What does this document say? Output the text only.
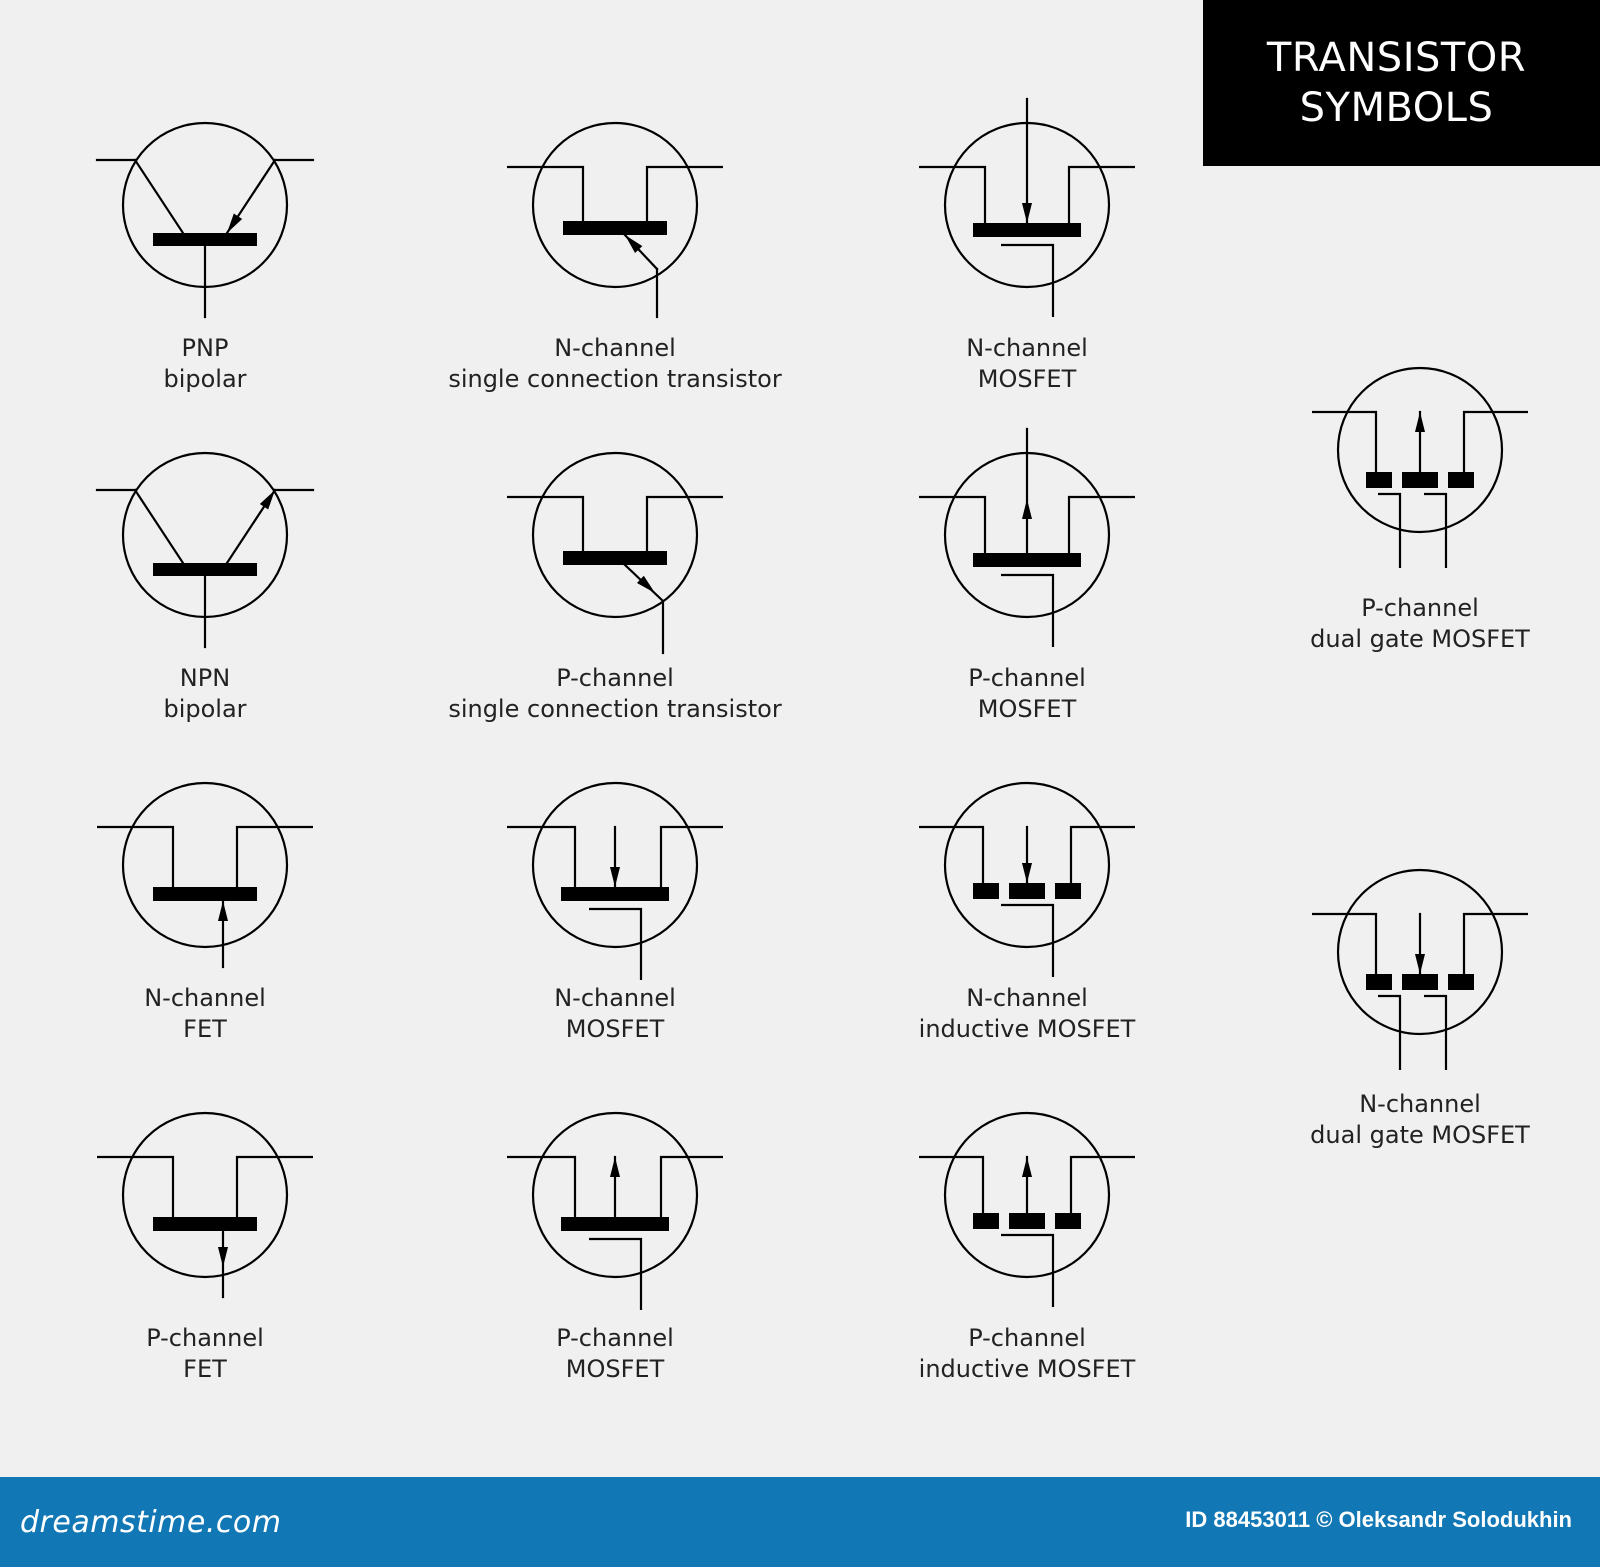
TRANSISTOR
SYMBOLS
PNP
bipolar
N-channel
single connection transistor
N-channel
MOSFET
NPN
bipolar
P-channel
single connection transistor
P-channel
MOSFET
P-channel
dual gate MOSFET
N-channel
FET
N-channel
MOSFET
N-channel
inductive MOSFET
N-channel
dual gate MOSFET
P-channel
FET
P-channel
MOSFET
P-channel
inductive MOSFET
dreamstime.com	ID 88453011 © Oleksandr Solodukhin
